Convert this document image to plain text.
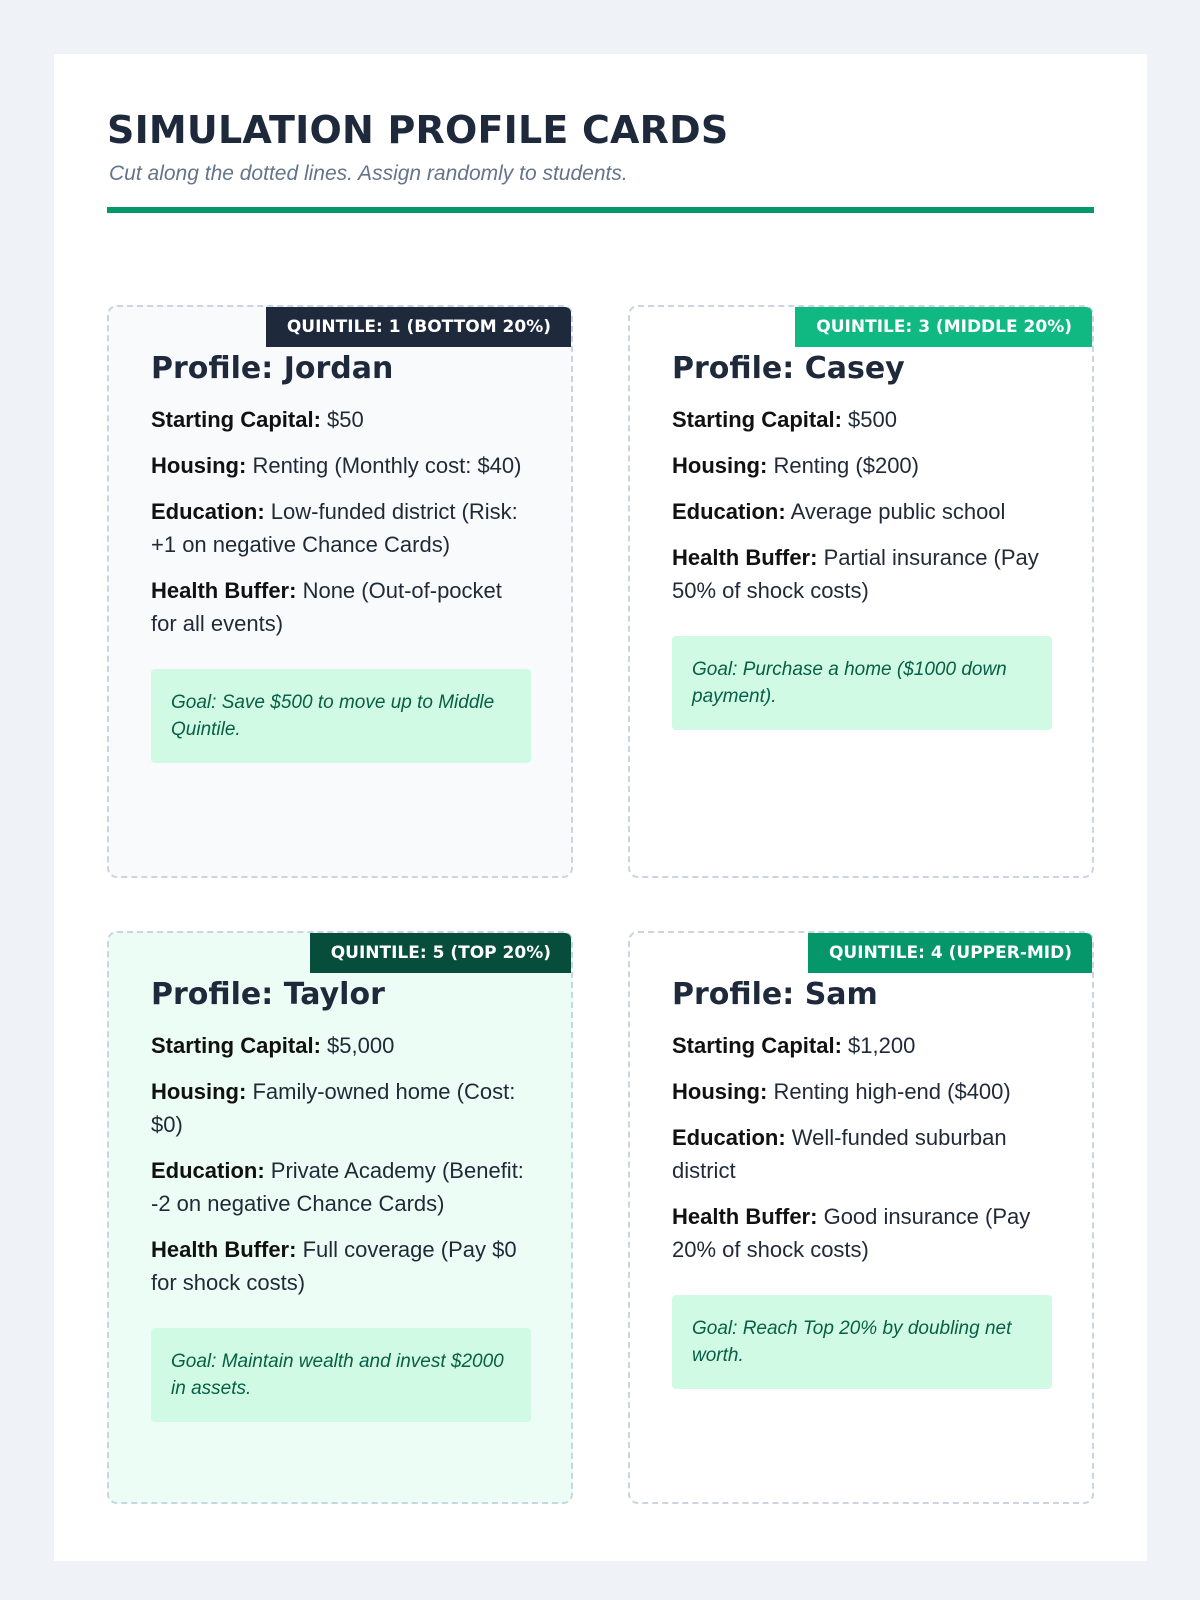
SIMULATION PROFILE CARDS

Cut along the dotted lines. Assign randomly to students.

QUINTILE: 1 (BOTTOM 20%)
Profile: Jordan

Starting Capital: $50

Housing: Renting (Monthly cost: $40)

Education: Low-funded district (Risk: +1 on negative Chance Cards)

Health Buffer: None (Out-of-pocket for all events)

Goal: Save $500 to move up to Middle Quintile.
QUINTILE: 3 (MIDDLE 20%)
Profile: Casey

Starting Capital: $500

Housing: Renting ($200)

Education: Average public school

Health Buffer: Partial insurance (Pay 50% of shock costs)

Goal: Purchase a home ($1000 down payment).
QUINTILE: 5 (TOP 20%)
Profile: Taylor

Starting Capital: $5,000

Housing: Family-owned home (Cost: $0)

Education: Private Academy (Benefit: -2 on negative Chance Cards)

Health Buffer: Full coverage (Pay $0 for shock costs)

Goal: Maintain wealth and invest $2000 in assets.
QUINTILE: 4 (UPPER-MID)
Profile: Sam

Starting Capital: $1,200

Housing: Renting high-end ($400)

Education: Well-funded suburban district

Health Buffer: Good insurance (Pay 20% of shock costs)

Goal: Reach Top 20% by doubling net worth.
